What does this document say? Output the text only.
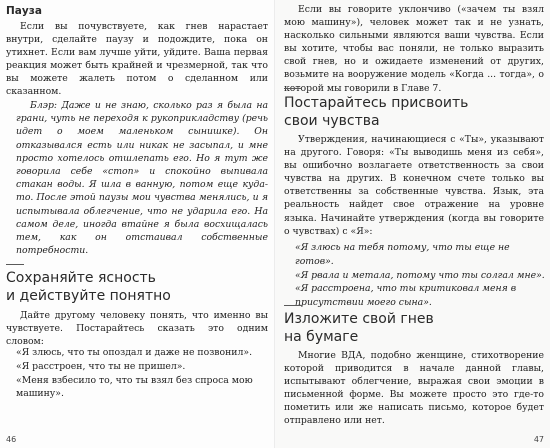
Пауза
Если вы почувствуете, как гнев нарастает внутри, сделайте паузу и подождите, пока он утихнет. Если вам лучше уйти, уйдите. Ваша первая реакция может быть крайней и чрезмерной, так что вы можете жалеть потом о сделанном или сказанном.
Блэр: Даже и не знаю, сколько раз я была на грани, чуть не переходя к рукоприкладству (речь идет о моем маленьком сынишке). Он отказывался есть или никак не засыпал, и мне просто хотелось отшлепать его. Но я тут же говорила себе «стоп» и спокойно выпивала стакан воды. Я шла в ванную, потом еще куда-то. После этой паузы мои чувства менялись, и я испытывала облегчение, что не ударила его. На самом деле, иногда втайне я была восхищалась тем, как он отстаивал собственные потребности.
Сохраняйте ясность
и действуйте понятно
Дайте другому человеку понять, что именно вы чувствуете. Постарайтесь сказать это одним словом:
«Я злюсь, что ты опоздал и даже не позвонил».
«Я расстроен, что ты не пришел».
«Меня взбесило то, что ты взял без спроса мою машину».
46
Если вы говорите уклончиво («зачем ты взял мою машину»), человек может так и не узнать, насколько сильными являются ваши чувства. Если вы хотите, чтобы вас поняли, не только выразить свой гнев, но и ожидаете изменений от других, возьмите на вооружение модель «Когда ... тогда», о которой мы говорили в Главе 7.
Постарайтесь присвоить
свои чувства
Утверждения, начинающиеся с «Ты», указывают на другого. Говоря: «Ты выводишь меня из себя», вы ошибочно возлагаете ответственность за свои чувства на других. В конечном счете только вы ответственны за собственные чувства. Язык, эта реальность найдет свое отражение на уровне языка. Начинайте утверждения (когда вы говорите о чувствах) с «Я»:
«Я злюсь на тебя потому, что ты еще не готов».
«Я рвала и метала, потому что ты солгал мне».
«Я расстроена, что ты критиковал меня в присутствии моего сына».
Изложите свой гнев
на бумаге
Многие ВДА, подобно женщине, стихотворение которой приводится в начале данной главы, испытывают облегчение, выражая свои эмоции в письменной форме. Вы можете просто это где-то пометить или же написать письмо, которое будет отправлено или нет.
47
